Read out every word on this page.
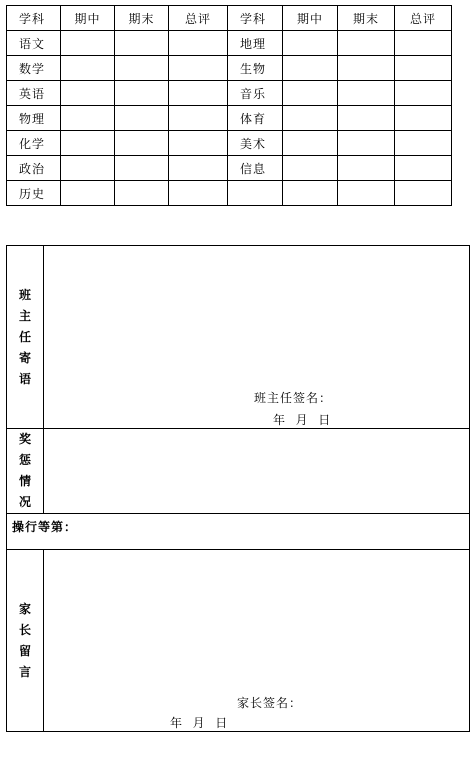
学科	期中	期末	总评	学科	期中	期末	总评
语文				地理			
数学				生物			
英语				音乐			
物理				体育			
化学				美术			
政治				信息			
历史							
班
主
任
寄
语	班主任签名：
年  月  日

奖
惩
情
况	

操行等第：	

家
长
留
言	家长签名：
年  月  日
